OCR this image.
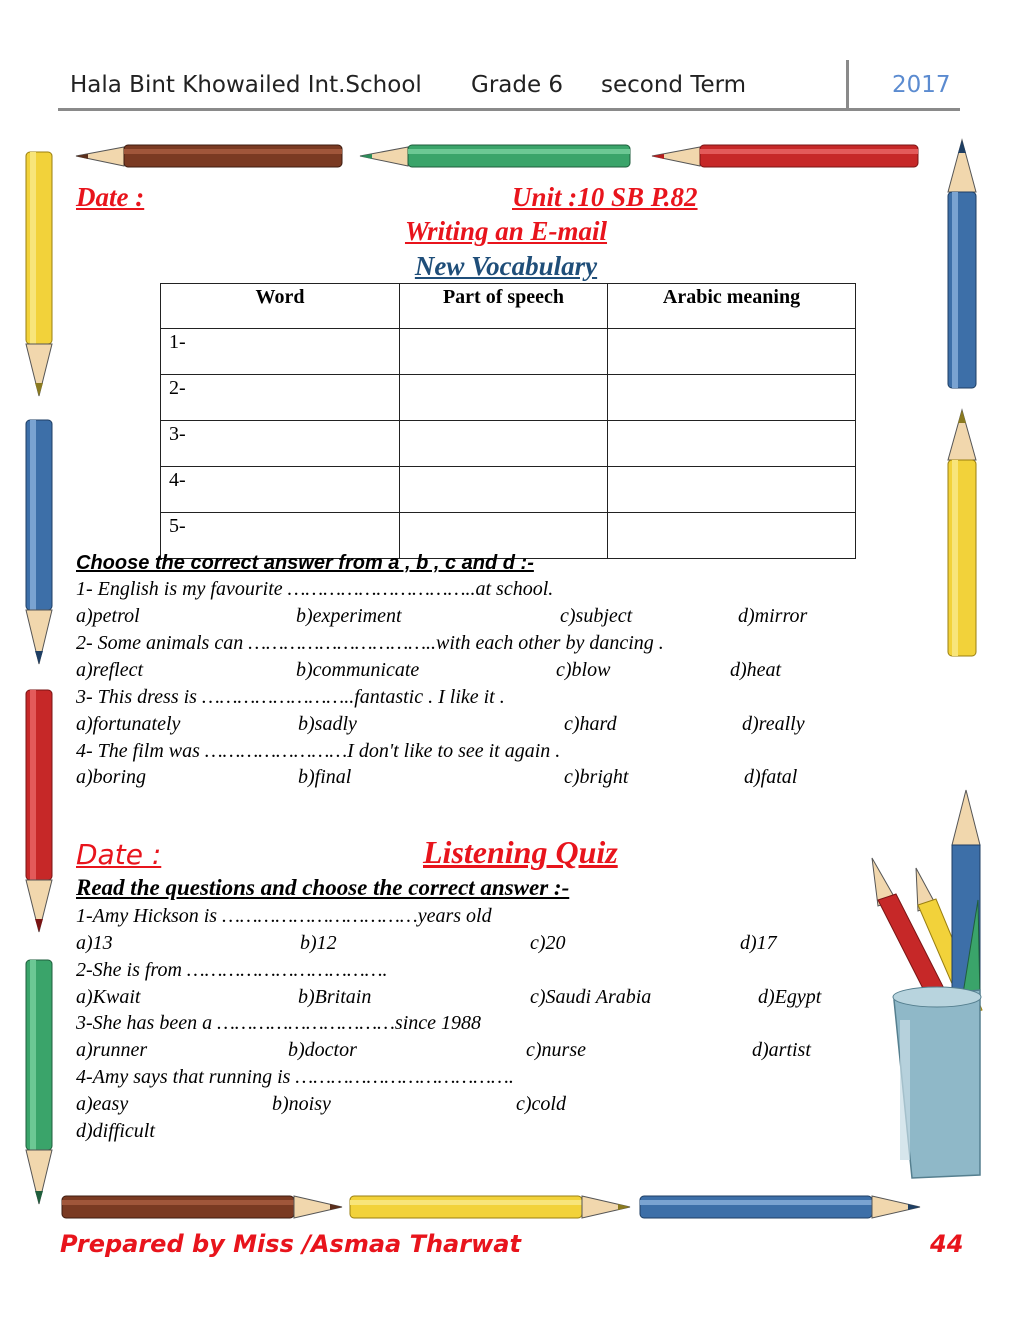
Hala Bint Khowailed Int.School Grade 6 second Term	2017
Date :	Unit :10 SB P.82
Writing an E-mail
New Vocabulary
Word	Part of speech	Arabic meaning
1-		
2-		
3-		
4-		
5-		
Choose the correct answer from a , b , c and d :-
1- English is my favourite …………………………..at school.
a)petrol	b)experiment	c)subject	d)mirror
2- Some animals can …………………………..with each other by dancing .
a)reflect	b)communicate	c)blow	d)heat
3- This dress is ……………………..fantastic . I like it .
a)fortunately	b)sadly	c)hard	d)really
4- The film was ……………………I don't like to see it again .
a)boring	b)final	c)bright	d)fatal
Date :	Listening Quiz
Read the questions and choose the correct answer :-
1-Amy Hickson is ……………………………years old
a)13	b)12	c)20	d)17
2-She is from …………………………….
a)Kwait	b)Britain	c)Saudi Arabia	d)Egypt
3-She has been a …………………………since 1988
a)runner	b)doctor	c)nurse	d)artist
4-Amy says that running is ……………………………….
a)easy	b)noisy	c)cold
d)difficult
Prepared by Miss /Asmaa Tharwat	44
